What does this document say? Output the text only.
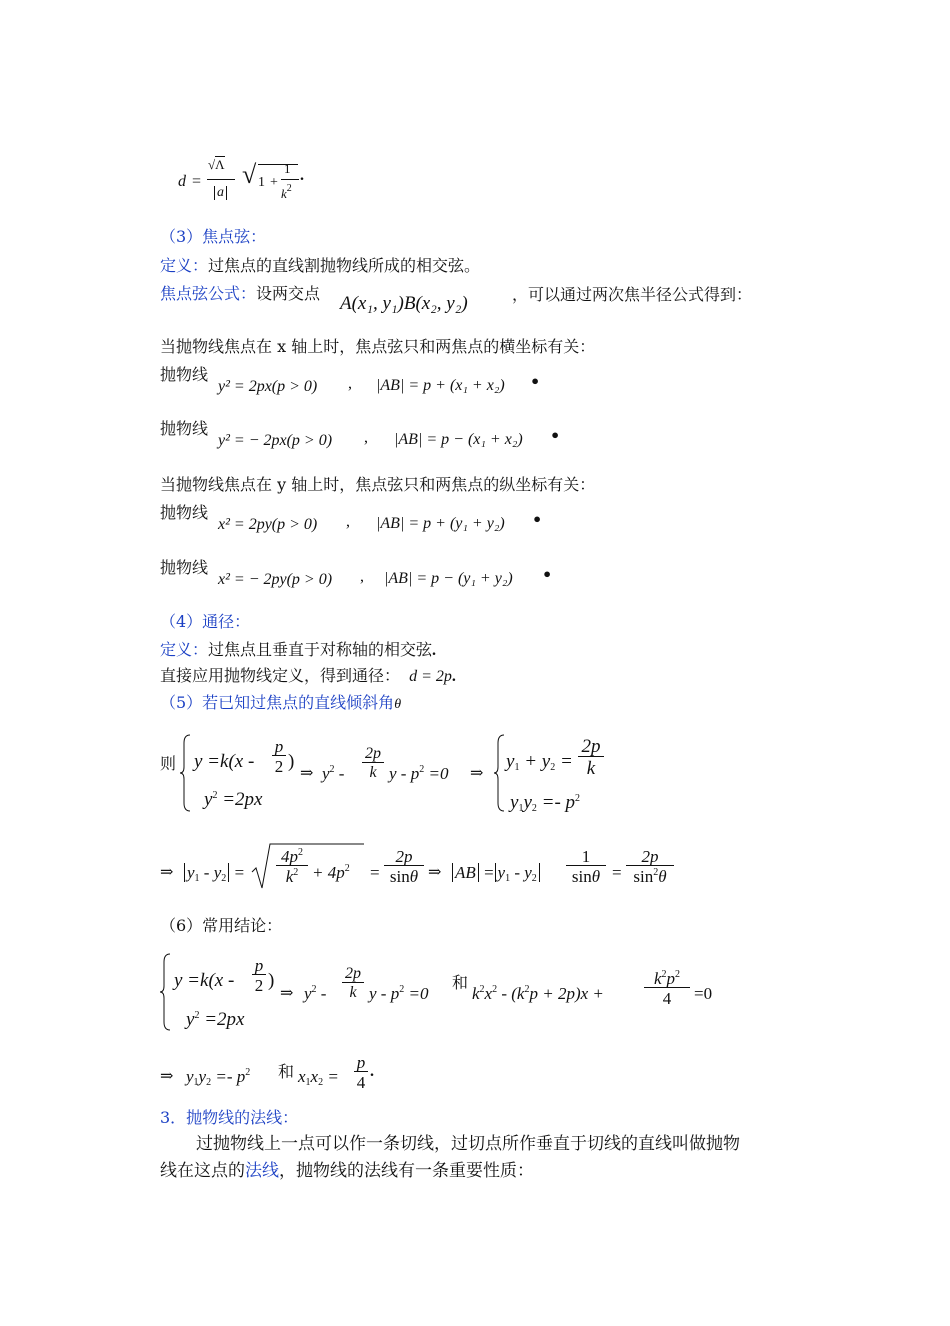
d =
√Λ
a
√ 1 +
1
$k^2$
.
（3）焦点弦：
定义：过焦点的直线割抛物线所成的相交弦。
焦点弦公式：设两交点 A(x₁, y₁)B(x₂, y₂)	，可以通过两次焦半径公式得到：
当抛物线焦点在 x 轴上时，焦点弦只和两焦点的横坐标有关：
抛物线
y² = 2px(p > 0) , |AB| = p + (x₁ + x₂) •
抛物线
y² = − 2px(p > 0) , |AB| = p − (x₁ + x₂) •
当抛物线焦点在 y 轴上时，焦点弦只和两焦点的纵坐标有关：
抛物线
x² = 2py(p > 0) , |AB| = p + (y₁ + y₂) •
抛物线
x² = − 2py(p > 0) , |AB| = p − (y₁ + y₂) •
（4）通径：
定义：过焦点且垂直于对称轴的相交弦.
直接应用抛物线定义，得到通径： d = 2p.
（5）若已知过焦点的直线倾斜角θ
则 y =k(x -
p
2 )
$y^2 =2px$
⇒ $y^2$ -
2p
k $y - p^2 =0$ ⇒
$y_1 + y_2$ =
2p
k
$y_1y_2 =- p^2$
⇒ $y_1 - y_2$ =
$4p^2$
$k^2 + 4p^2$ =
2p
sinθ ⇒ AB = $y_1 - y_2$
1
sinθ =
2p
$\sin^2\theta$
（6）常用结论：
y =k(x -
p
2 )
$y^2 =2px$
⇒ $y^2$ -
2p
k $y - p^2 =0$
和
$k^2x^2 - (k^2p + 2p)x$ +
$k^2p^2$
4	=0
⇒ $y_1y_2 =- p^2$ 和 $x_1x_2$ =
p
4
.
3．抛物线的法线：
过抛物线上一点可以作一条切线，过切点所作垂直于切线的直线叫做抛物
线在这点的法线，抛物线的法线有一条重要性质：
